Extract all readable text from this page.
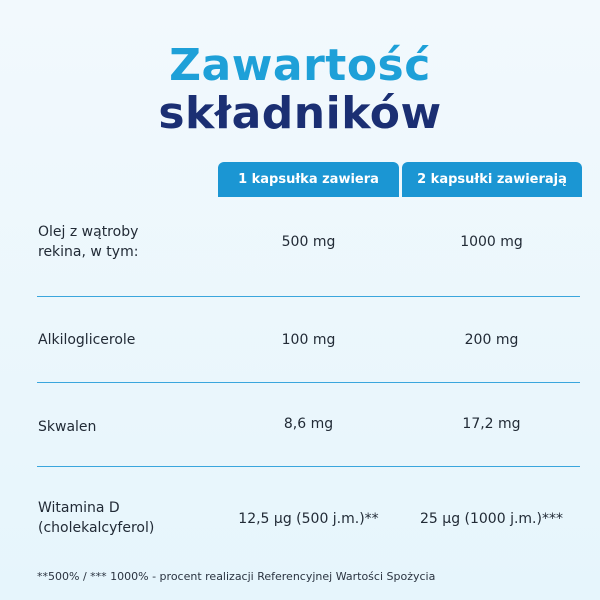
Zawartość
składników
1 kapsułka zawiera	2 kapsułki zawierają
Olej z wątroby
rekina, w tym:
500 mg	1000 mg
Alkiloglicerole	100 mg	200 mg
Skwalen	8,6 mg	17,2 mg
Witamina D
(cholekalcyferol)
12,5 µg (500 j.m.)**	25 µg (1000 j.m.)***
**500% / *** 1000% - procent realizacji Referencyjnej Wartości Spożycia
